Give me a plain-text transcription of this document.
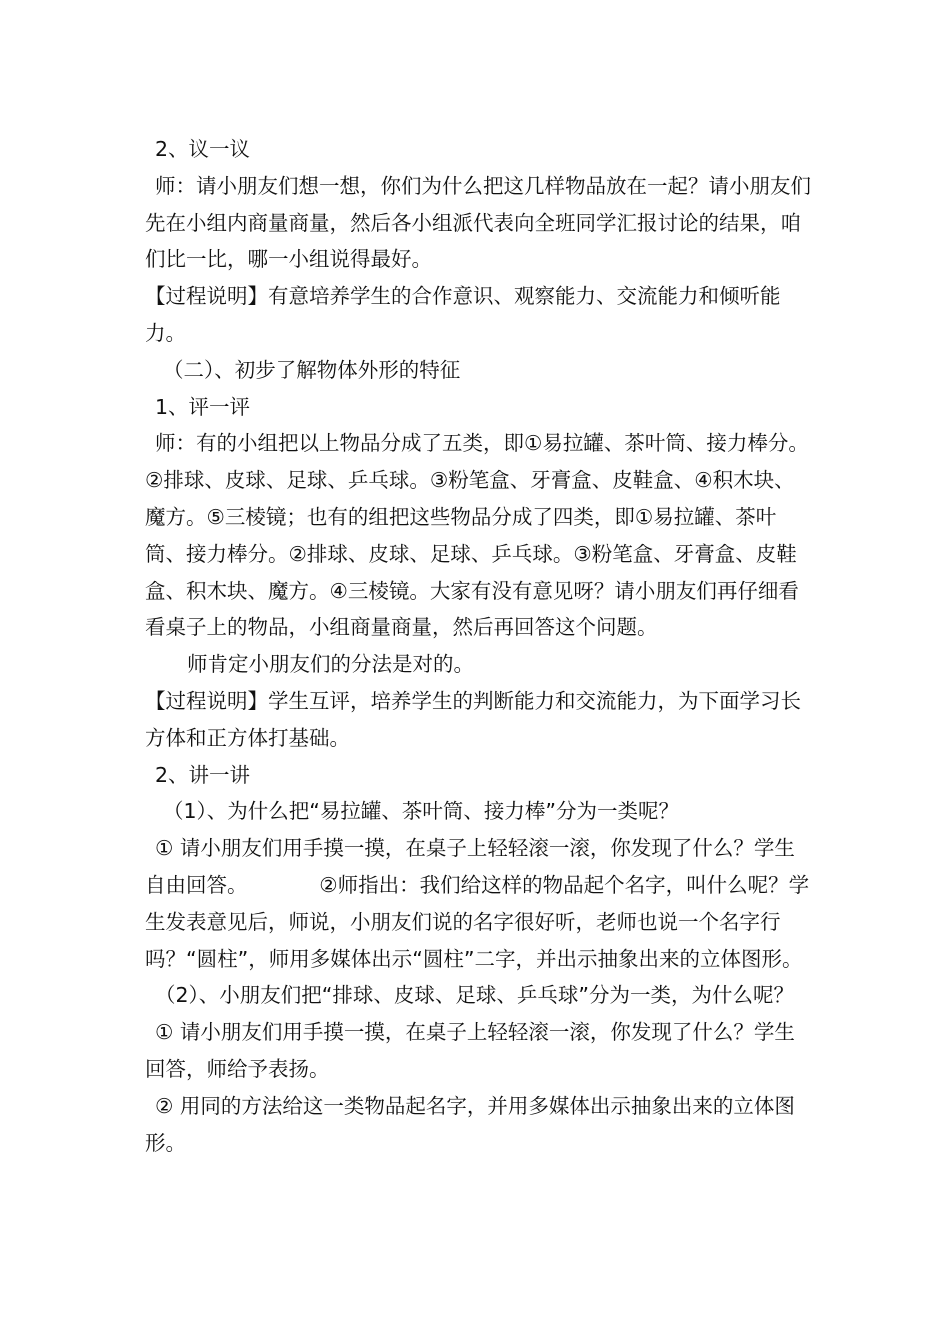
2、议一议

师：请小朋友们想一想，你们为什么把这几样物品放在一起？请小朋友们先在小组内商量商量，然后各小组派代表向全班同学汇报讨论的结果，咱们比一比，哪一小组说得最好。

【过程说明】有意培养学生的合作意识、观察能力、交流能力和倾听能力。

（二）、初步了解物体外形的特征

1、评一评

师：有的小组把以上物品分成了五类，即①易拉罐、茶叶筒、接力棒分。②排球、皮球、足球、乒乓球。③粉笔盒、牙膏盒、皮鞋盒、④积木块、魔方。⑤三棱镜；也有的组把这些物品分成了四类，即①易拉罐、茶叶筒、接力棒分。②排球、皮球、足球、乒乓球。③粉笔盒、牙膏盒、皮鞋盒、积木块、魔方。④三棱镜。大家有没有意见呀？请小朋友们再仔细看看桌子上的物品，小组商量商量，然后再回答这个问题。

师肯定小朋友们的分法是对的。

【过程说明】学生互评，培养学生的判断能力和交流能力，为下面学习长方体和正方体打基础。

2、讲一讲

（1）、为什么把“易拉罐、茶叶筒、接力棒”分为一类呢？

① 请小朋友们用手摸一摸，在桌子上轻轻滚一滚，你发现了什么？学生自由回答。　　　　②师指出：我们给这样的物品起个名字，叫什么呢？学生发表意见后，师说，小朋友们说的名字很好听，老师也说一个名字行吗？“圆柱”，师用多媒体出示“圆柱”二字，并出示抽象出来的立体图形。

（2）、小朋友们把“排球、皮球、足球、乒乓球”分为一类，为什么呢？

① 请小朋友们用手摸一摸，在桌子上轻轻滚一滚，你发现了什么？学生回答，师给予表扬。

② 用同的方法给这一类物品起名字，并用多媒体出示抽象出来的立体图形。
